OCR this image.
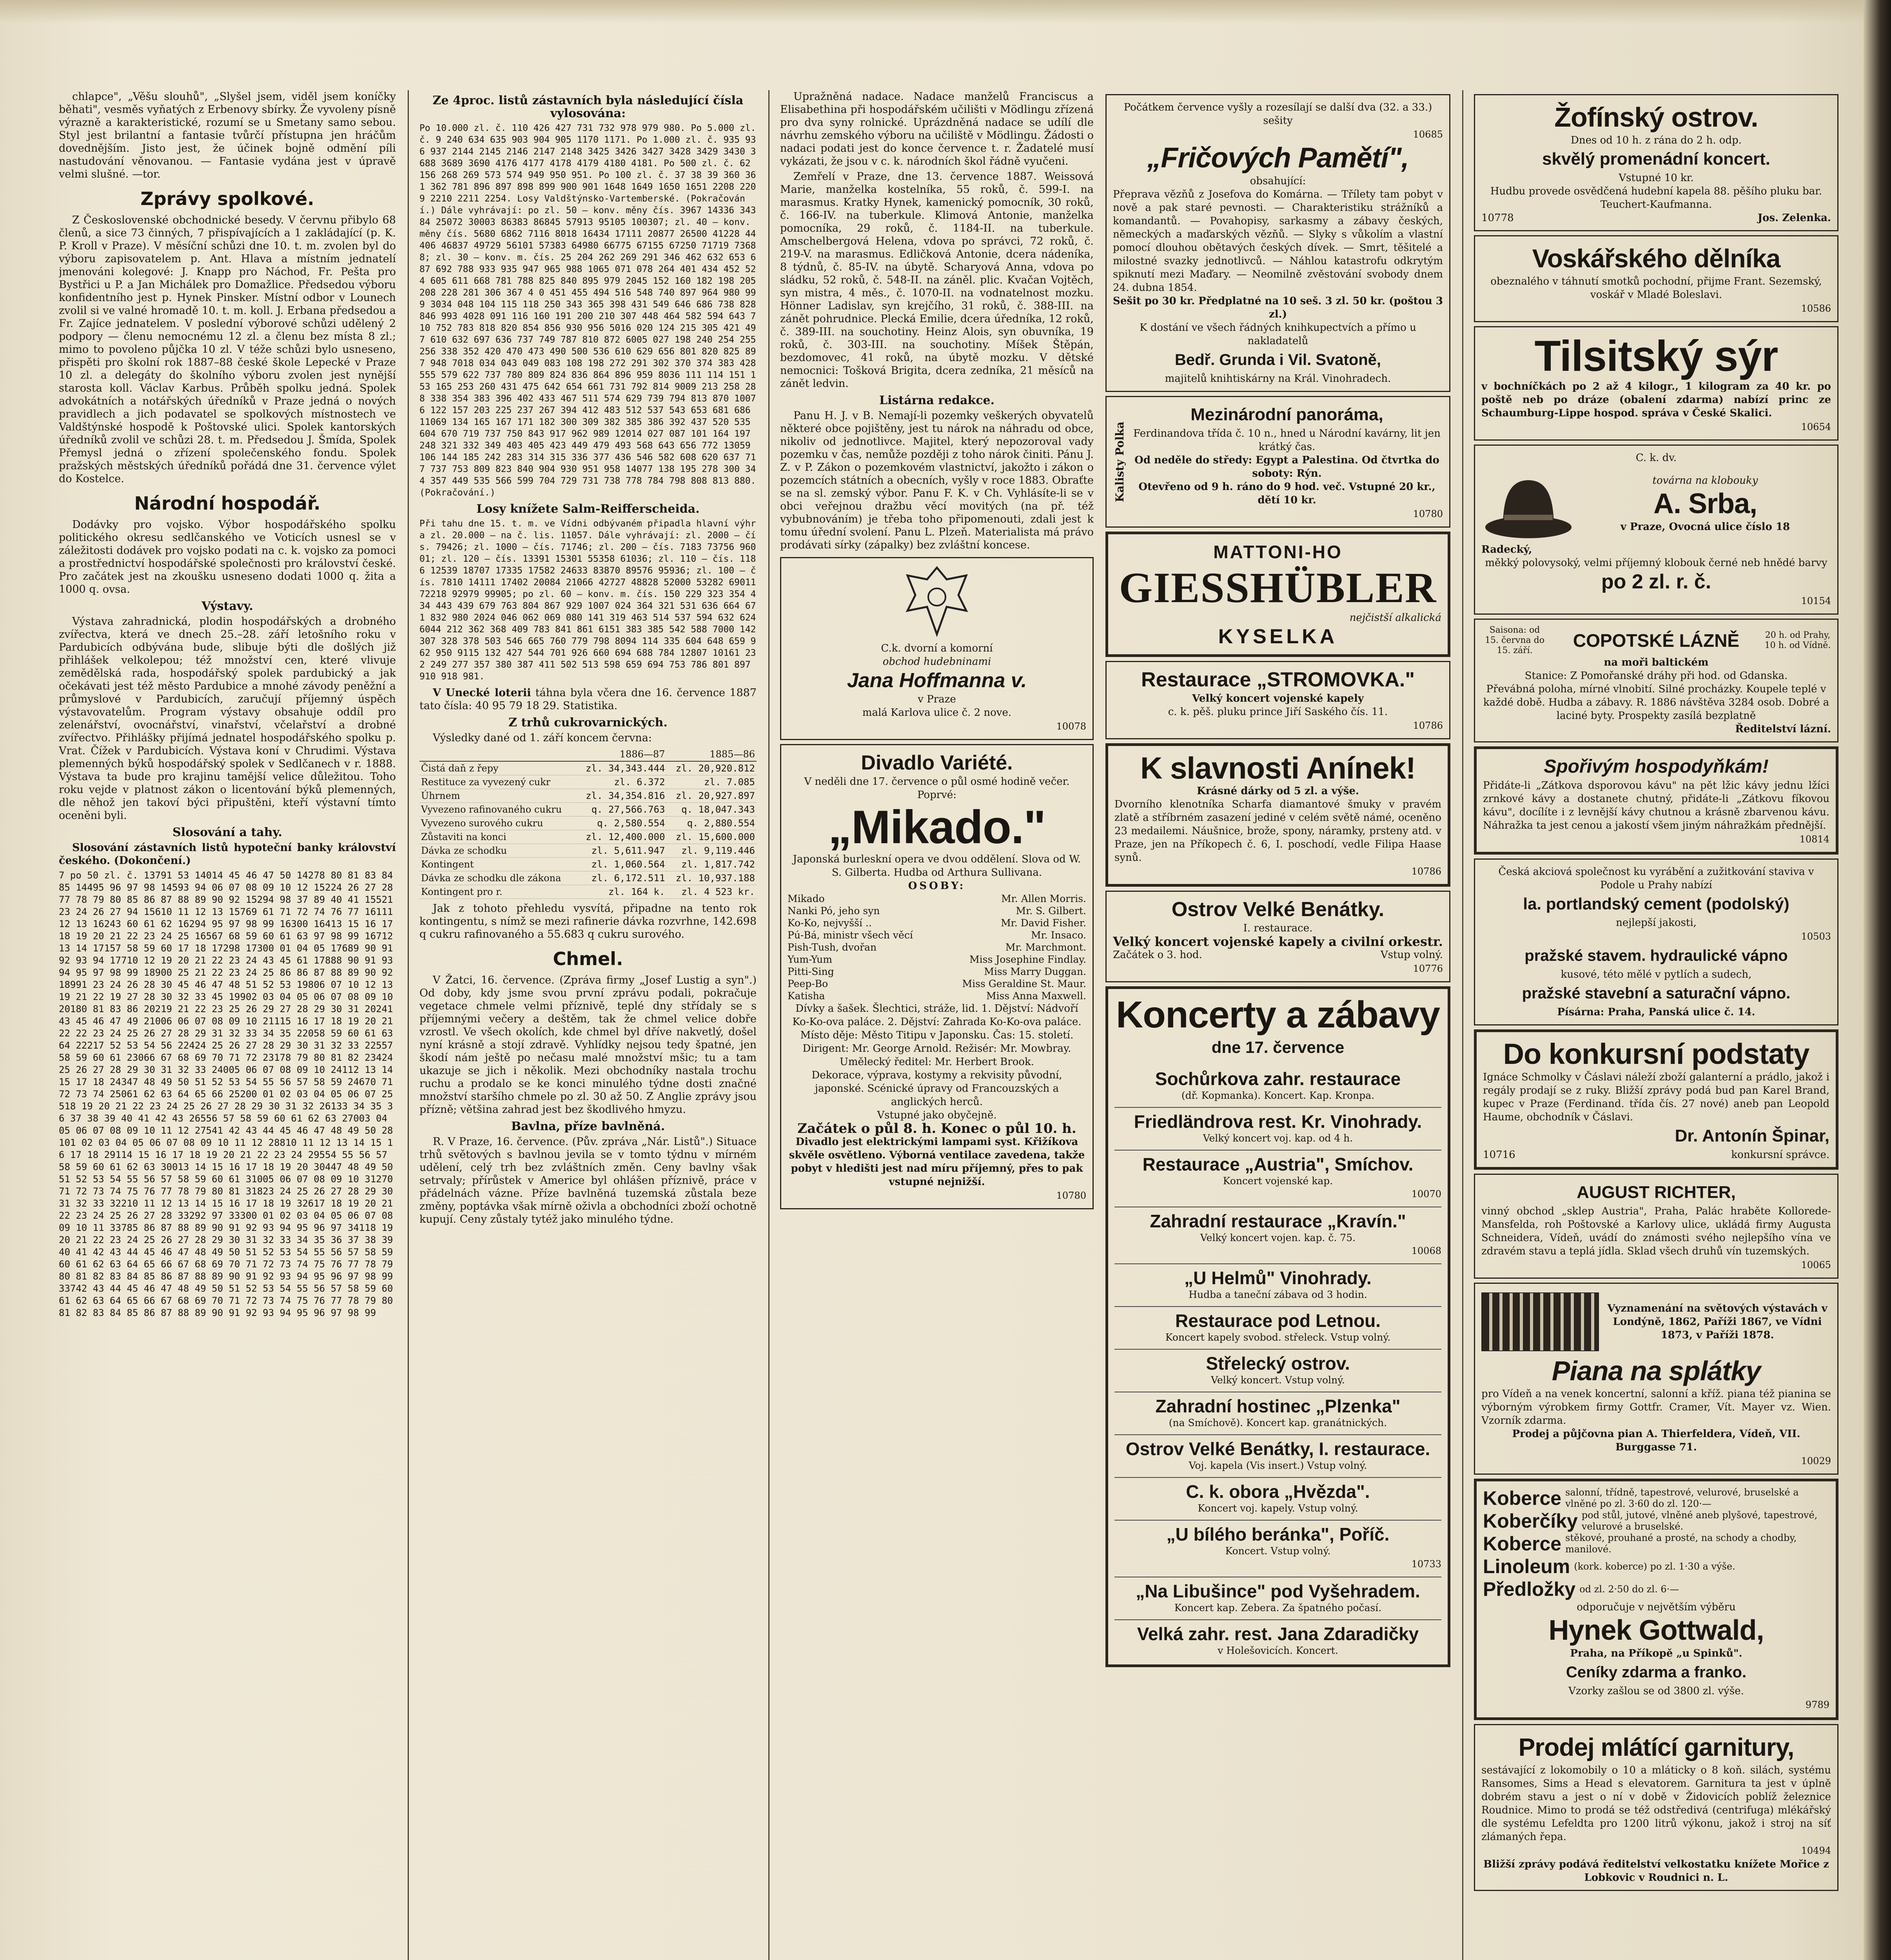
chlapce", „Věšu slouhů", „Slyšel jsem, viděl jsem koníčky běhati", vesměs vyňatých z Erbenovy sbírky. Že vyvoleny písně výrazně a karakteristické, rozumí se u Smetany samo sebou. Styl jest brilantní a fantasie tvůrčí přístupna jen hráčům dovednějším. Jisto jest, že účinek bojně odmění píli nastudování věnovanou. — Fantasie vydána jest v úpravě velmi slušné. —tor.

Zprávy spolkové.

Z Československé obchodnické besedy. V červnu přibylo 68 členů, a sice 73 činných, 7 přispívajících a 1 zakládající (p. K. P. Kroll v Praze). V měsíční schůzi dne 10. t. m. zvolen byl do výboru zapisovatelem p. Ant. Hlava a místním jednatelí jmenováni kolegové: J. Knapp pro Náchod, Fr. Pešta pro Bystřici u P. a Jan Michálek pro Domažlice. Předsedou výboru konfidentního jest p. Hynek Pinsker. Místní odbor v Lounech zvolil si ve valné hromadě 10. t. m. koll. J. Erbana předsedou a Fr. Zajíce jednatelem. V poslední výborové schůzi udělený 2 podpory — členu nemocnému 12 zl. a členu bez místa 8 zl.; mimo to povoleno půjčka 10 zl. V téže schůzi bylo usneseno, přispěti pro školní rok 1887–88 české škole Lepecké v Praze 10 zl. a delegáty do školního výboru zvolen jest nynější starosta koll. Václav Karbus. Průběh spolku jedná. Spolek advokátních a notářských úředníků v Praze jedná o nových pravidlech a jich podavatel se spolkových místnostech ve Valdštýnské hospodě k Poštovské ulici. Spolek kantorských úředníků zvolil ve schůzi 28. t. m. Předsedou J. Šmída, Spolek Přemysl jedná o zřízení společenského fondu. Spolek pražských městských úředníků pořádá dne 31. července výlet do Kostelce.

Národní hospodář.

Dodávky pro vojsko. Výbor hospodářského spolku politického okresu sedlčanského ve Voticích usnesl se v záležitosti dodávek pro vojsko podati na c. k. vojsko za pomoci a prostřednictví hospodářské společnosti pro království české. Pro začátek jest na zkoušku usneseno dodati 1000 q. žita a 1000 q. ovsa.

Výstavy.

Výstava zahradnická, plodin hospodářských a drobného zvířectva, která ve dnech 25.–28. září letošního roku v Pardubicích odbývána bude, slibuje býti dle došlých již přihlášek velkolepou; též množství cen, které vlivuje zemědělská rada, hospodářský spolek pardubický a jak očekávati jest též město Pardubice a mnohé závody peněžní a průmyslové v Pardubicích, zaručují příjemný úspěch výstavovatelům. Program výstavy obsahuje oddíl pro zelenářství, ovocnářství, vinařství, včelařství a drobné zvířectvo. Přihlášky přijímá jednatel hospodářského spolku p. Vrat. Čížek v Pardubicích. Výstava koní v Chrudimi. Výstava plemenných býků hospodářský spolek v Sedlčanech v r. 1888. Výstava ta bude pro krajinu tamější velice důležitou. Toho roku vejde v platnost zákon o licentování býků plemenných, dle něhož jen takoví býci připuštěni, kteří výstavní tímto oceněni byli.

Slosování a tahy.

Slosování zástavních listů hypoteční banky království českého. (Dokončení.)

7 po 50 zl. č. 13791 53 14014 45 46 47 50 14278 80 81 83 84 85 14495 96 97 98 14593 94 06 07 08 09 10 12 15224 26 27 28 77 78 79 80 85 86 87 88 89 90 92 15294 98 37 89 40 41 15521 23 24 26 27 94 15610 11 12 13 15769 61 71 72 74 76 77 16111 12 13 16243 60 61 62 16294 95 97 98 99 16300 16413 15 16 17 18 19 20 21 22 23 24 25 16567 68 59 60 61 63 97 98 99 16712 13 14 17157 58 59 60 17 18 17298 17300 01 04 05 17689 90 91 92 93 94 17710 12 19 20 21 22 23 24 43 45 61 17888 90 91 93 94 95 97 98 99 18900 25 21 22 23 24 25 86 86 87 88 89 90 92 18991 23 24 26 28 30 45 46 47 48 51 52 53 19806 07 10 12 13 19 21 22 19 27 28 30 32 33 45 19902 03 04 05 06 07 08 09 10 20180 81 83 86 20219 21 22 23 25 26 29 27 28 29 30 31 20241 43 45 46 47 49 21006 06 07 08 09 10 21115 16 17 18 19 20 21 22 22 23 24 25 26 27 28 29 31 32 33 34 35 22058 59 60 61 63 64 22217 52 53 54 56 22424 25 26 27 28 29 30 31 32 33 22557 58 59 60 61 23066 67 68 69 70 71 72 23178 79 80 81 82 23424 25 26 27 28 29 30 31 32 33 24005 06 07 08 09 10 24112 13 14 15 17 18 24347 48 49 50 51 52 53 54 55 56 57 58 59 24670 71 72 73 74 25061 62 63 64 65 66 25200 01 02 03 04 05 06 07 25518 19 20 21 22 23 24 25 26 27 28 29 30 31 32 26133 34 35 36 37 38 39 40 41 42 43 26556 57 58 59 60 61 62 63 27003 04 05 06 07 08 09 10 11 12 27541 42 43 44 45 46 47 48 49 50 28101 02 03 04 05 06 07 08 09 10 11 12 28810 11 12 13 14 15 16 17 18 29114 15 16 17 18 19 20 21 22 23 24 29554 55 56 57 58 59 60 61 62 63 30013 14 15 16 17 18 19 20 30447 48 49 50 51 52 53 54 55 56 57 58 59 60 61 31005 06 07 08 09 10 31270 71 72 73 74 75 76 77 78 79 80 81 31823 24 25 26 27 28 29 30 31 32 33 32210 11 12 13 14 15 16 17 18 19 32617 18 19 20 21 22 23 24 25 26 27 28 33292 97 33300 01 02 03 04 05 06 07 08 09 10 11 33785 86 87 88 89 90 91 92 93 94 95 96 97 34118 19 20 21 22 23 24 25 26 27 28 29 30 31 32 33 34 35 36 37 38 39 40 41 42 43 44 45 46 47 48 49 50 51 52 53 54 55 56 57 58 59 60 61 62 63 64 65 66 67 68 69 70 71 72 73 74 75 76 77 78 79 80 81 82 83 84 85 86 87 88 89 90 91 92 93 94 95 96 97 98 99 33742 43 44 45 46 47 48 49 50 51 52 53 54 55 56 57 58 59 60 61 62 63 64 65 66 67 68 69 70 71 72 73 74 75 76 77 78 79 80 81 82 83 84 85 86 87 88 89 90 91 92 93 94 95 96 97 98 99
Ze 4proc. listů zástavních byla následující čísla vylosována:
Po 10.000 zl. č. 110 426 427 731 732 978 979 980. Po 5.000 zl. č. 9 240 634 635 903 904 905 1170 1171. Po 1.000 zl. č. 935 936 937 2144 2145 2146 2147 2148 3425 3426 3427 3428 3429 3430 3688 3689 3690 4176 4177 4178 4179 4180 4181. Po 500 zl. č. 62 156 268 269 573 574 949 950 951. Po 100 zl. č. 37 38 39 360 361 362 781 896 897 898 899 900 901 1648 1649 1650 1651 2208 2209 2210 2211 2254. Losy Valdštýnsko-Vartemberské. (Pokračování.) Dále vyhrávají: po zl. 50 — konv. měny čís. 3967 14336 34384 25072 30003 86383 86845 57913 95105 100307; zl. 40 — konv. měny čís. 5680 6862 7116 8018 16434 17111 20877 26500 41228 44406 46837 49729 56101 57383 64980 66775 67155 67250 71719 73688; zl. 30 — konv. m. čís. 25 204 262 269 291 346 462 632 653 687 692 788 933 935 947 965 988 1065 071 078 264 401 434 452 524 605 611 668 781 788 825 840 895 979 2045 152 160 182 198 205 208 228 281 306 367 4 0 451 455 494 516 548 740 897 964 980 999 3034 048 104 115 118 250 343 365 398 431 549 646 686 738 828 846 993 4028 091 116 160 191 200 210 307 448 464 582 594 643 710 752 783 818 820 854 856 930 956 5016 020 124 215 305 421 497 610 632 697 636 737 749 787 810 872 6005 027 198 240 254 255 256 338 352 420 470 473 490 500 536 610 629 656 801 820 825 897 948 7018 034 043 049 083 108 198 272 291 302 370 374 383 428 555 579 622 737 780 809 824 836 864 896 959 8036 111 114 151 153 165 253 260 431 475 642 654 661 731 792 814 9009 213 258 288 338 354 383 396 402 433 467 511 574 629 739 794 813 870 10076 122 157 203 225 237 267 394 412 483 512 537 543 653 681 686 11069 134 165 167 171 182 300 309 382 385 386 392 437 520 535 604 670 719 737 750 843 917 962 989 12014 027 087 101 164 197 248 321 332 349 403 405 423 449 479 493 568 643 656 772 13059 106 144 185 242 283 314 315 336 377 436 546 582 608 620 637 717 737 753 809 823 840 904 930 951 958 14077 138 195 278 300 344 357 449 535 566 599 704 729 731 738 778 784 798 808 813 880. (Pokračování.)
Losy knížete Salm-Reifferscheida.
Při tahu dne 15. t. m. ve Vídni odbývaném připadla hlavní výhra zl. 20.000 — na č. lis. 11057. Dále vyhrávají: zl. 2000 — čís. 79426; zl. 1000 — čís. 71746; zl. 200 — čís. 7183 73756 96001; zl. 120 — čís. 13391 15301 55358 61036; zl. 110 — čís. 1186 12539 18707 17335 17582 24633 83870 89576 95936; zl. 100 — čís. 7810 14111 17402 20084 21066 42727 48828 52000 53282 69011 72218 92979 99905; po zl. 60 — konv. m. čís. 150 229 323 354 434 443 439 679 763 804 867 929 1007 024 364 321 531 636 664 671 832 980 2024 046 062 069 080 141 319 463 514 537 594 632 624 6044 212 362 368 409 783 841 861 6151 383 385 542 588 7000 142 307 328 378 503 546 665 760 779 798 8094 114 335 604 648 659 962 950 9115 132 427 544 701 926 660 694 688 784 12807 10161 232 249 277 357 380 387 411 502 513 598 659 694 753 786 801 897 910 918 981.

V Unecké loterii táhna byla včera dne 16. července 1887 tato čísla: 40 95 79 18 29. Statistika.

Z trhů cukrovarnických.

Výsledky dané od 1. září koncem června:

	1886—87	1885—86
Čistá daň z řepy	zl. 34,343.444	zl. 20,920.812
Restituce za vyvezený cukr	zl. 6.372	zl. 7.085
Úhrnem	zl. 34,354.816	zl. 20,927.897
Vyvezeno rafinovaného cukru	q. 27,566.763	q. 18,047.343
Vyvezeno surového cukru	q. 2,580.554	q. 2,880.554
Zůstaviti na konci	zl. 12,400.000	zl. 15,600.000
Dávka ze schodku	zl. 5,611.947	zl. 9,119.446
Kontingent	zl. 1,060.564	zl. 1,817.742
Dávka ze schodku dle zákona	zl. 6,172.511	zl. 10,937.188
Kontingent pro r.	zl. 164 k.	zl. 4 523 kr.

Jak z tohoto přehledu vysvítá, připadne na tento rok kontingentu, s nímž se mezi rafinerie dávka rozvrhne, 142.698 q cukru rafinovaného a 55.683 q cukru surového.

Chmel.

V Žatci, 16. července. (Zpráva firmy „Josef Lustig a syn".) Od doby, kdy jsme svou první zprávu podali, pokračuje vegetace chmele velmi příznivě, teplé dny střídaly se s příjemnými večery a deštěm, tak že chmel velice dobře vzrostl. Ve všech okolích, kde chmel byl dříve nakvetlý, došel nyní krásně a stojí zdravě. Vyhlídky nejsou tedy špatné, jen škodí nám ještě po nečasu malé množství mšic; tu a tam ukazuje se jich i několik. Mezi obchodníky nastala trochu ruchu a prodalo se ke konci minulého týdne dosti značné množství staršího chmele po zl. 30 až 50. Z Anglie zprávy jsou přízně; většina zahrad jest bez škodlivého hmyzu.

Bavlna, příze bavlněná.

R. V Praze, 16. července. (Pův. zpráva „Nár. Listů".) Situace trhů světových s bavlnou jevila se v tomto týdnu v mírném udělení, celý trh bez zvláštních změn. Ceny bavlny však setrvaly; přírůstek v Americe byl ohlášen příznivě, práce v přádelnách vázne. Příze bavlněná tuzemská zůstala beze změny, poptávka však mírně oživla a obchodníci zboží ochotně kupují. Ceny zůstaly tytéž jako minulého týdne.

Upražněná nadace. Nadace manželů Franciscus a Elisabethina při hospodářském učilišti v Mödlingu zřízená pro dva syny rolnické. Uprázdněná nadace se udílí dle návrhu zemského výboru na učiliště v Mödlingu. Žádosti o nadaci podati jest do konce července t. r. Žadatelé musí vykázati, že jsou v c. k. národních škol řádně vyučeni.

Zemřelí v Praze, dne 13. července 1887. Weissová Marie, manželka kostelníka, 55 roků, č. 599-I. na marasmus. Kratky Hynek, kamenický pomocník, 30 roků, č. 166-IV. na tuberkule. Klimová Antonie, manželka pomocníka, 29 roků, č. 1184-II. na tuberkule. Amschelbergová Helena, vdova po správci, 72 roků, č. 219-V. na marasmus. Edličková Antonie, dcera nádeníka, 8 týdnů, č. 85-IV. na úbytě. Scharyová Anna, vdova po sládku, 52 roků, č. 548-II. na záněl. plic. Kvačan Vojtěch, syn mistra, 4 měs., č. 1070-II. na vodnatelnost mozku. Hönner Ladislav, syn krejčího, 31 roků, č. 388-III. na zánět pohrudnice. Plecká Emilie, dcera úředníka, 12 roků, č. 389-III. na souchotiny. Heinz Alois, syn obuvníka, 19 roků, č. 303-III. na souchotiny. Míšek Štěpán, bezdomovec, 41 roků, na úbytě mozku. V dětské nemocnici: Tošková Brigita, dcera zedníka, 21 měsíců na zánět ledvin.

Listárna redakce.

Panu H. J. v B. Nemají-li pozemky veškerých obyvatelů některé obce pojištěny, jest tu nárok na náhradu od obce, nikoliv od jednotlivce. Majitel, který nepozoroval vady pozemku v čas, nemůže později z toho nárok činiti. Pánu J. Z. v P. Zákon o pozemkovém vlastnictví, jakožto i zákon o pozemcích státních a obecních, vyšly v roce 1883. Obraťte se na sl. zemský výbor. Panu F. K. v Ch. Vyhlásíte-li se v obci veřejnou dražbu věcí movitých (na př. též vybubnováním) je třeba toho připomenouti, zdali jest k tomu úřední svolení. Panu L. Plzeň. Materialista má právo prodávati sírky (zápalky) bez zvláštní koncese.

C.k. dvorní a komorní
obchod hudebninami
Jana Hoffmanna v.
v Praze
malá Karlova ulice č. 2 nove.
10078
Divadlo Variété.
V neděli dne 17. července o půl osmé hodině večer.
Poprvé:
„Mikado."
Japonská burleskní opera ve dvou oddělení. Slova od W. S. Gilberta. Hudba od Arthura Sullivana.
OSOBY:
Mikado	Mr. Allen Morris.
Nanki Pó, jeho syn	Mr. S. Gilbert.
Ko-Ko, nejvyšší ..	Mr. David Fisher.
Pú-Bá, ministr všech věcí	Mr. Insaco.
Pish-Tush, dvořan	Mr. Marchmont.
Yum-Yum	Miss Josephine Findlay.
Pitti-Sing	Miss Marry Duggan.
Peep-Bo	Miss Geraldine St. Maur.
Katisha	Miss Anna Maxwell.
Dívky a šašek. Šlechtici, stráže, lid. 1. Dějství: Nádvoří Ko-Ko-ova paláce. 2. Dějství: Zahrada Ko-Ko-ova paláce. Místo děje: Město Titipu v Japonsku. Čas: 15. století. Dirigent: Mr. George Arnold. Režisér: Mr. Mowbray.
Umělecký ředitel: Mr. Herbert Brook.
Dekorace, výprava, kostymy a rekvisity původní, japonské. Scénické úpravy od Francouzských a anglických herců.
Vstupné jako obyčejně.
Začátek o půl 8. h. Konec o půl 10. h.
Divadlo jest elektrickými lampami syst. Křižíkova skvěle osvětleno. Výborná ventilace zavedena, takže pobyt v hledišti jest nad míru příjemný, přes to pak vstupné nejnižší.
10780
Počátkem července vyšly a rozesílají se další dva (32. a 33.) sešity
10685
„Fričových Pamětí",
obsahující:
Přeprava vězňů z Josefova do Komárna. — Třílety tam pobyt v nově a pak staré pevnosti. — Charakteristiku strážníků a komandantů. — Povahopisy, sarkasmy a zábavy českých, německých a maďarských vězňů. — Slyky s vůkolím a vlastní pomocí dlouhou obětavých českých dívek. — Smrt, těšitelé a milostné svazky jednotlivců. — Náhlou katastrofu odkrytým spiknutí mezi Maďary. — Neomilně zvěstování svobody dnem 24. dubna 1854.
Sešit po 30 kr. Předplatné na 10 seš. 3 zl. 50 kr. (poštou 3 zl.)
K dostání ve všech řádných knihkupectvích a přímo u nakladatelů
Bedř. Grunda i Vil. Svatoně,
majitelů knihtiskárny na Král. Vinohradech.
Kalisty Polka
Mezinárodní panoráma,
Ferdinandova třída č. 10 n., hned u Národní kavárny, lit jen krátký čas.
Od neděle do středy: Egypt a Palestina. Od čtvrtka do soboty: Rýn.
Otevřeno od 9 h. ráno do 9 hod. več. Vstupné 20 kr., dětí 10 kr.
10780
MATTONI-HO
GIESSHÜBLER
nejčistší alkalická
KYSELKA
Restaurace „STROMOVKA."
Velký koncert vojenské kapely
c. k. pěš. pluku prince Jiří Saského čís. 11.
10786
K slavnosti Anínek!
Krásné dárky od 5 zl. a výše.
Dvorního klenotníka Scharfa diamantové šmuky v pravém zlatě a stříbrném zasazení jediné v celém světě námé, oceněno 23 medailemi. Náušnice, brože, spony, náramky, prsteny atd. v Praze, jen na Příkopech č. 6, I. poschodí, vedle Filipa Haase synů.
10786
Ostrov Velké Benátky.
I. restaurace.
Velký koncert vojenské kapely a civilní orkestr.
Začátek o 3. hod.	Vstup volný.
10776
Koncerty a zábavy
dne 17. července
Sochůrkova zahr. restaurace
(dř. Kopmanka). Koncert. Kap. Kronpa.
Friedländrova rest. Kr. Vinohrady.
Velký koncert voj. kap. od 4 h.
Restaurace „Austria", Smíchov.
Koncert vojenské kap.
10070
Zahradní restaurace „Kravín."
Velký koncert vojen. kap. č. 75.
10068
„U Helmů" Vinohrady.
Hudba a taneční zábava od 3 hodin.
Restaurace pod Letnou.
Koncert kapely svobod. střeleck. Vstup volný.
Střelecký ostrov.
Velký koncert. Vstup volný.
Zahradní hostinec „Plzenka"
(na Smíchově). Koncert kap. granátnických.
Ostrov Velké Benátky, I. restaurace.
Voj. kapela (Vis insert.) Vstup volný.
C. k. obora „Hvězda".
Koncert voj. kapely. Vstup volný.
„U bílého beránka", Poříč.
Koncert. Vstup volný.
10733
„Na Libušince" pod Vyšehradem.
Koncert kap. Zebera. Za špatného počasí.
Velká zahr. rest. Jana Zdaradičky
v Holešovicích. Koncert.
Žofínský ostrov.
Dnes od 10 h. z rána do 2 h. odp.
skvělý promenádní koncert.
Vstupné 10 kr.
Hudbu provede osvědčená hudební kapela 88. pěšího pluku bar. Teuchert-Kaufmanna.
10778	Jos. Zelenka.
Voskářského dělníka
obeznalého v táhnutí smotků pochodní, přijme Frant. Sezemský, voskář v Mladé Boleslavi.
10586
Tilsitský sýr
v bochníčkách po 2 až 4 kilogr., 1 kilogram za 40 kr. po poště neb po dráze (obalení zdarma) nabízí princ ze Schaumburg-Lippe hospod. správa v České Skalici.
10654
C. k. dv.
továrna na klobouky
A. Srba,
v Praze, Ovocná ulice číslo 18
Radecký,
měkký polovysoký, velmi příjemný klobouk černé neb hnědé barvy
po 2 zl. r. č.
10154
Saisona: od 15. června do 15. září.	COPOTSKÉ LÁZNĚ	20 h. od Prahy, 10 h. od Vídně.
na moři baltickém
Stanice: Z Pomořanské dráhy při hod. od Gdanska.
Převábná poloha, mírné vlnobití. Silné procházky. Koupele teplé v každé době. Hudba a zábavy. R. 1886 návštěva 3284 osob. Dobré a laciné byty. Prospekty zasílá bezplatně
Ředitelství lázní.
Spořivým hospodyňkám!
Přidáte-li „Zátkova dsporovou kávu" na pět lžic kávy jednu lžíci zrnkové kávy a dostanete chutný, přidáte-li „Zátkovu fíkovou kávu", docílíte i z levnější kávy chutnou a krásně zbarvenou kávu. Náhražka ta jest cenou a jakostí všem jiným náhražkám přednější.
10814
Česká akciová společnost ku vyrábění a zužitkování staviva v Podole u Prahy nabízí
la. portlandský cement (podolský)
nejlepší jakosti,
10503
pražské stavem. hydraulické vápno
kusové, této mělé v pytlích a sudech,
pražské stavební a saturační vápno.
Písárna: Praha, Panská ulice č. 14.
Do konkursní podstaty
Ignáce Schmolky v Čáslavi náleží zboží galanterní a prádlo, jakož i regály prodají se z ruky. Bližší zprávy podá bud pan Karel Brand, kupec v Praze (Ferdinand. třída čís. 27 nové) aneb pan Leopold Haume, obchodník v Čáslavi.
Dr. Antonín Špinar,
10716	konkursní správce.
AUGUST RICHTER,
vinný obchod „sklep Austria", Praha, Palác hraběte Kollorede-Mansfelda, roh Poštovské a Karlovy ulice, ukládá firmy Augusta Schneidera, Vídeň, uvádí do známosti svého nejlepšího vína ve zdravém stavu a teplá jídla. Sklad všech druhů vín tuzemských.
10065
Vyznamenání na světových výstavách v Londýně, 1862, Paříži 1867, ve Vídni 1873, v Paříži 1878.
Piana na splátky
pro Vídeň a na venek koncertní, salonní a kříž. piana též pianina se výborným výrobkem firmy Gottfr. Cramer, Vít. Mayer vz. Wien. Vzorník zdarma.
Prodej a půjčovna pian A. Thierfeldera, Vídeň, VII. Burggasse 71.
10029
Koberce salonní, třídně, tapestrové, velurové, bruselské a vlněné po zl. 3·60 do zl. 120·—
Koberčíky pod stůl, jutové, vlněné aneb plyšové, tapestrové, velurové a bruselské.
Koberce stěkové, prouhané a prosté, na schody a chodby, manilové.
Linoleum (kork. koberce) po zl. 1·30 a výše.
Předložky od zl. 2·50 do zl. 6·—
odporučuje v největším výběru
Hynek Gottwald,
Praha, na Příkopě „u Spinků".
Ceníky zdarma a franko.
Vzorky zašlou se od 3800 zl. výše.
9789
Prodej mlátící garnitury,
sestávající z lokomobily o 10 a mláticky o 8 koň. silách, systému Ransomes, Sims a Head s elevatorem. Garnitura ta jest v úplně dobrém stavu a jest o ní v době v Židovicích poblíž železnice Roudnice. Mimo to prodá se též odstředivá (centrifuga) mlékářský dle systému Lefeldta pro 1200 litrů výkonu, jakož i stroj na síť zlámaných řepa.
10494
Bližší zprávy podává ředitelství velkostatku knížete Mořice z Lobkovic v Roudnici n. L.
